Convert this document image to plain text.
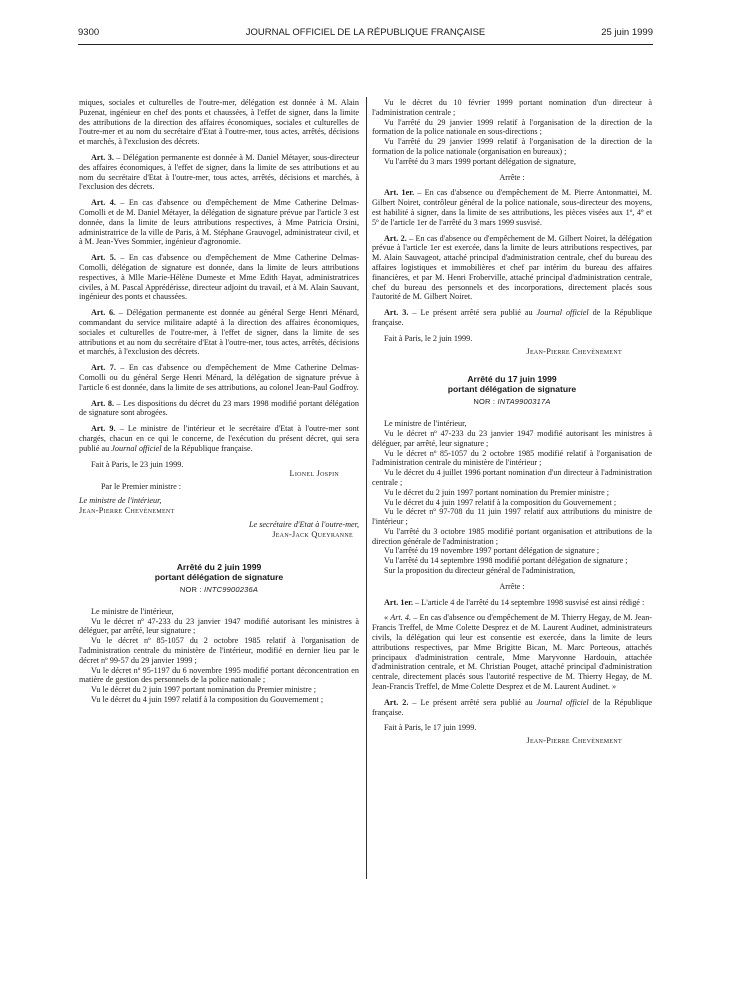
9300	JOURNAL OFFICIEL DE LA RÉPUBLIQUE FRANÇAISE	25 juin 1999

miques, sociales et culturelles de l'outre-mer, délégation est donnée à M. Alain Puzenat, ingénieur en chef des ponts et chaussées, à l'effet de signer, dans la limite des attributions de la direction des affaires économiques, sociales et culturelles de l'outre-mer et au nom du secrétaire d'Etat à l'outre-mer, tous actes, arrêtés, décisions et marchés, à l'exclusion des décrets.

Art. 3. – Délégation permanente est donnée à M. Daniel Métayer, sous-directeur des affaires économiques, à l'effet de signer, dans la limite de ses attributions et au nom du secrétaire d'Etat à l'outre-mer, tous actes, arrêtés, décisions et marchés, à l'exclusion des décrets.

Art. 4. – En cas d'absence ou d'empêchement de Mme Catherine Delmas-Comolli et de M. Daniel Métayer, la délégation de signature prévue par l'article 3 est donnée, dans la limite de leurs attributions respectives, à Mme Patricia Orsini, administratrice de la ville de Paris, à M. Stéphane Grauvogel, administrateur civil, et à M. Jean-Yves Sommier, ingénieur d'agronomie.

Art. 5. – En cas d'absence ou d'empêchement de Mme Catherine Delmas-Comolli, délégation de signature est donnée, dans la limite de leurs attributions respectives, à Mlle Marie-Hélène Dumeste et Mme Edith Hayat, administratrices civiles, à M. Pascal Apprédérisse, directeur adjoint du travail, et à M. Alain Sauvant, ingénieur des ponts et chaussées.

Art. 6. – Délégation permanente est donnée au général Serge Henri Ménard, commandant du service militaire adapté à la direction des affaires économiques, sociales et culturelles de l'outre-mer, à l'effet de signer, dans la limite de ses attributions et au nom du secrétaire d'Etat à l'outre-mer, tous actes, arrêtés, décisions et marchés, à l'exclusion des décrets.

Art. 7. – En cas d'absence ou d'empêchement de Mme Catherine Delmas-Comolli ou du général Serge Henri Ménard, la délégation de signature prévue à l'article 6 est donnée, dans la limite de ses attributions, au colonel Jean-Paul Godfroy.

Art. 8. – Les dispositions du décret du 23 mars 1998 modifié portant délégation de signature sont abrogées.

Art. 9. – Le ministre de l'intérieur et le secrétaire d'Etat à l'outre-mer sont chargés, chacun en ce qui le concerne, de l'exécution du présent décret, qui sera publié au Journal officiel de la République française.

Fait à Paris, le 23 juin 1999.

Lionel Jospin

Par le Premier ministre :

Le ministre de l'intérieur,

Jean-Pierre Chevènement

Le secrétaire d'Etat à l'outre-mer,

Jean-Jack Queyranne

Arrêté du 2 juin 1999
portant délégation de signature
NOR : INTC9900236A

Le ministre de l'intérieur,

Vu le décret nº 47-233 du 23 janvier 1947 modifié autorisant les ministres à déléguer, par arrêté, leur signature ;

Vu le décret nº 85-1057 du 2 octobre 1985 relatif à l'organisation de l'administration centrale du ministère de l'intérieur, modifié en dernier lieu par le décret nº 99-57 du 29 janvier 1999 ;

Vu le décret nº 95-1197 du 6 novembre 1995 modifié portant déconcentration en matière de gestion des personnels de la police nationale ;

Vu le décret du 2 juin 1997 portant nomination du Premier ministre ;

Vu le décret du 4 juin 1997 relatif à la composition du Gouvernement ;

Vu le décret du 10 février 1999 portant nomination d'un directeur à l'administration centrale ;

Vu l'arrêté du 29 janvier 1999 relatif à l'organisation de la direction de la formation de la police nationale en sous-directions ;

Vu l'arrêté du 29 janvier 1999 relatif à l'organisation de la direction de la formation de la police nationale (organisation en bureaux) ;

Vu l'arrêté du 3 mars 1999 portant délégation de signature,

Arrête :

Art. 1er. – En cas d'absence ou d'empêchement de M. Pierre Antonmattei, M. Gilbert Noiret, contrôleur général de la police nationale, sous-directeur des moyens, est habilité à signer, dans la limite de ses attributions, les pièces visées aux 1º, 4º et 5º de l'article 1er de l'arrêté du 3 mars 1999 susvisé.

Art. 2. – En cas d'absence ou d'empêchement de M. Gilbert Noiret, la délégation prévue à l'article 1er est exercée, dans la limite de leurs attributions respectives, par M. Alain Sauvageot, attaché principal d'administration centrale, chef du bureau des affaires logistiques et immobilières et chef par intérim du bureau des affaires financières, et par M. Henri Froberville, attaché principal d'administration centrale, chef du bureau des personnels et des incorporations, directement placés sous l'autorité de M. Gilbert Noiret.

Art. 3. – Le présent arrêté sera publié au Journal officiel de la République française.

Fait à Paris, le 2 juin 1999.

Jean-Pierre Chevènement

Arrêté du 17 juin 1999
portant délégation de signature
NOR : INTA9900317A

Le ministre de l'intérieur,

Vu le décret nº 47-233 du 23 janvier 1947 modifié autorisant les ministres à déléguer, par arrêté, leur signature ;

Vu le décret nº 85-1057 du 2 octobre 1985 modifié relatif à l'organisation de l'administration centrale du ministère de l'intérieur ;

Vu le décret du 4 juillet 1996 portant nomination d'un directeur à l'administration centrale ;

Vu le décret du 2 juin 1997 portant nomination du Premier ministre ;

Vu le décret du 4 juin 1997 relatif à la composition du Gouvernement ;

Vu le décret nº 97-708 du 11 juin 1997 relatif aux attributions du ministre de l'intérieur ;

Vu l'arrêté du 3 octobre 1985 modifié portant organisation et attributions de la direction générale de l'administration ;

Vu l'arrêté du 19 novembre 1997 portant délégation de signature ;

Vu l'arrêté du 14 septembre 1998 modifié portant délégation de signature ;

Sur la proposition du directeur général de l'administration,

Arrête :

Art. 1er. – L'article 4 de l'arrêté du 14 septembre 1998 susvisé est ainsi rédigé :

« Art. 4. – En cas d'absence ou d'empêchement de M. Thierry Hegay, de M. Jean-Francis Treffel, de Mme Colette Desprez et de M. Laurent Audinet, administrateurs civils, la délégation qui leur est consentie est exercée, dans la limite de leurs attributions respectives, par Mme Brigitte Bican, M. Marc Porteous, attachés principaux d'administration centrale, Mme Maryvonne Hardouin, attachée d'administration centrale, et M. Christian Pouget, attaché principal d'administration centrale, directement placés sous l'autorité respective de M. Thierry Hegay, de M. Jean-Francis Treffel, de Mme Colette Desprez et de M. Laurent Audinet. »

Art. 2. – Le présent arrêté sera publié au Journal officiel de la République française.

Fait à Paris, le 17 juin 1999.

Jean-Pierre Chevènement
